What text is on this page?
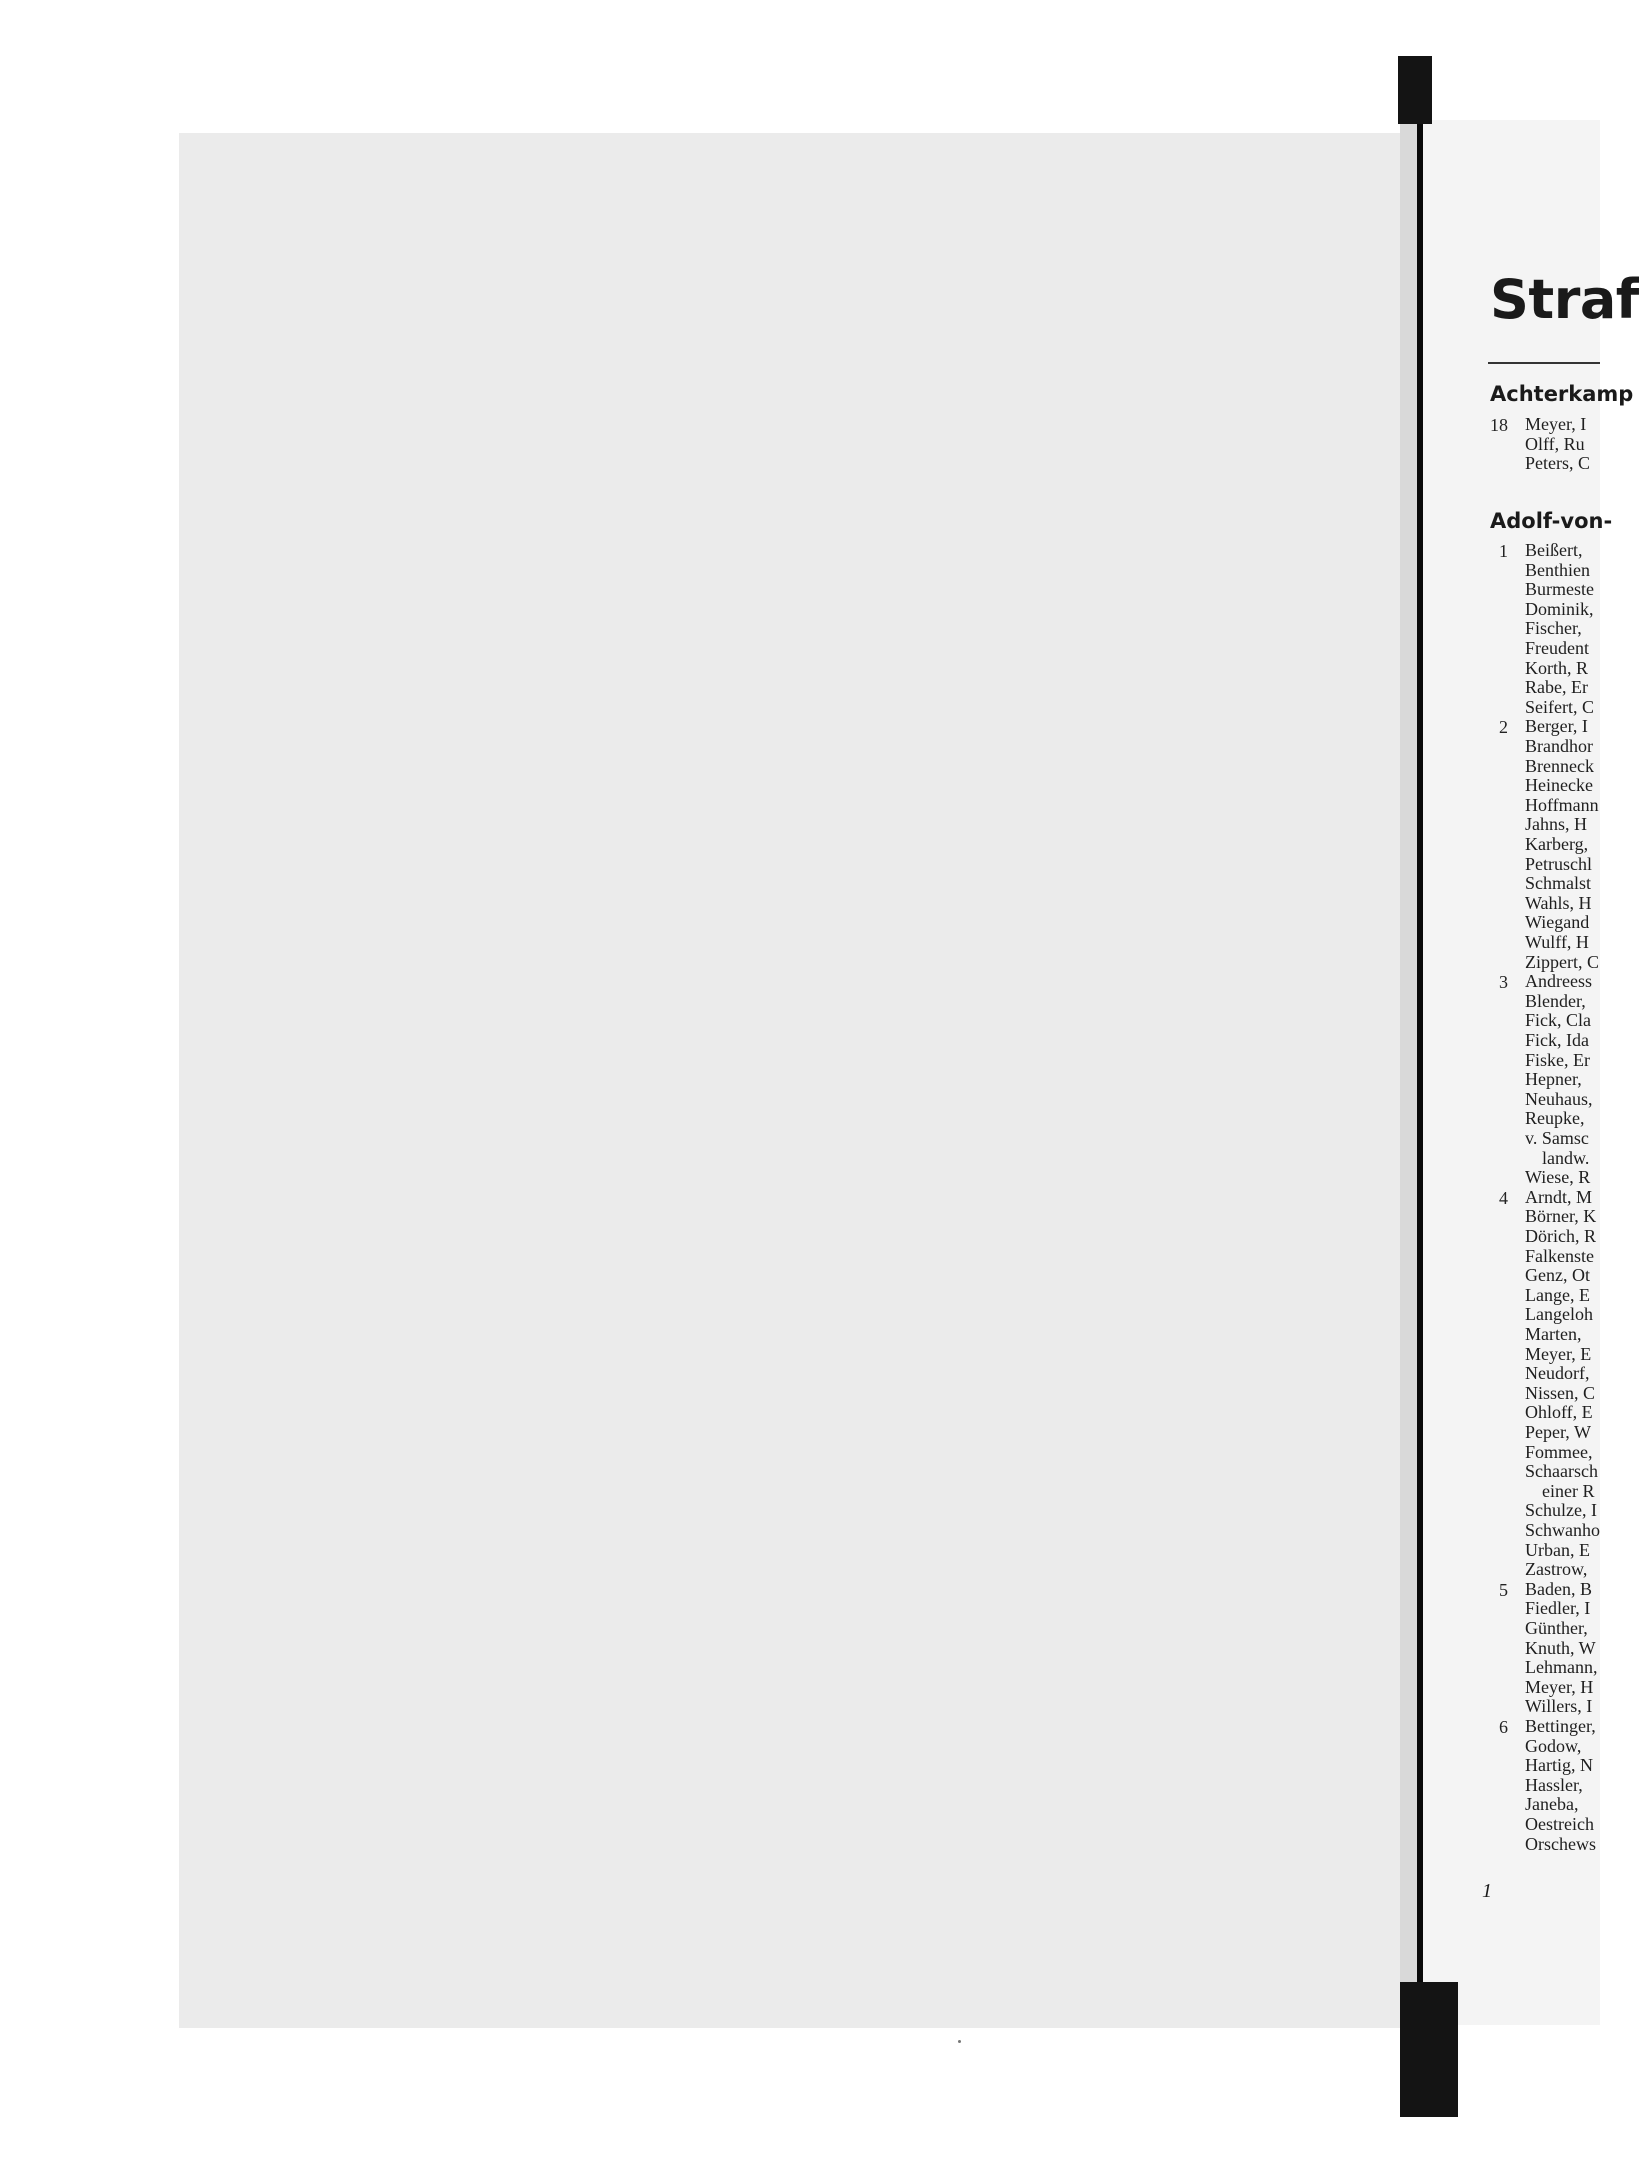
Straf
Achterkamp
18 Meyer, I
Olff, Ru
Peters, C
Adolf-von-
1 Beißert,
Benthien
Burmeste
Dominik,
Fischer,
Freudent
Korth, R
Rabe, Er
Seifert, C
2 Berger, I
Brandhor
Brenneck
Heinecke
Hoffmann
Jahns, H
Karberg,
Petruschl
Schmalst
Wahls, H
Wiegand
Wulff, H
Zippert, C
3 Andreess
Blender,
Fick, Cla
Fick, Ida
Fiske, Er
Hepner,
Neuhaus,
Reupke,
v. Samsc
landw.
Wiese, R
4 Arndt, M
Börner, K
Dörich, R
Falkenste
Genz, Ot
Lange, E
Langeloh
Marten,
Meyer, E
Neudorf,
Nissen, C
Ohloff, E
Peper, W
Fommee,
Schaarsch
einer R
Schulze, I
Schwanho
Urban, E
Zastrow,
5 Baden, B
Fiedler, I
Günther,
Knuth, W
Lehmann,
Meyer, H
Willers, I
6 Bettinger,
Godow,
Hartig, N
Hassler,
Janeba,
Oestreich
Orschews
1
